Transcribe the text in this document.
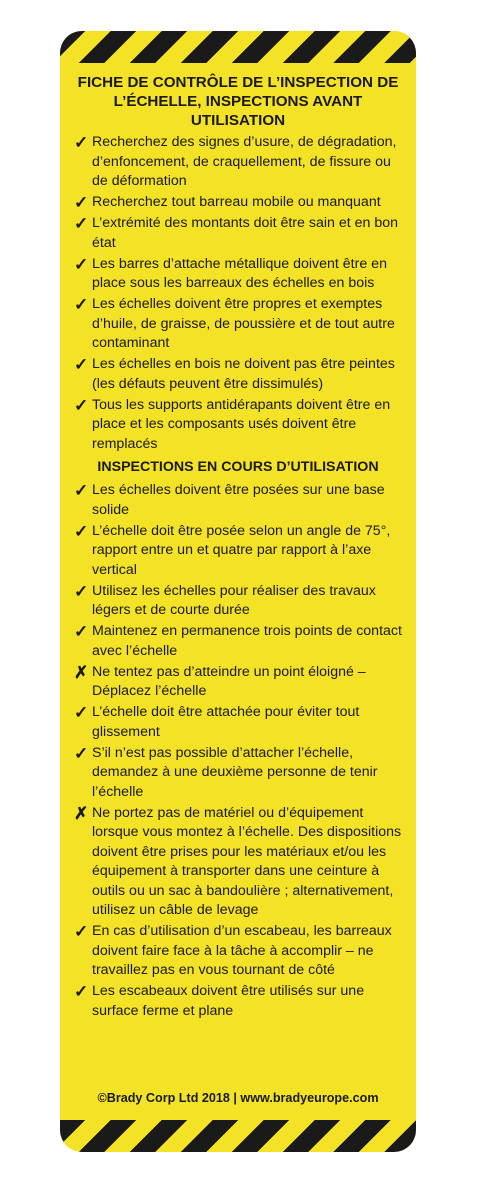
FICHE DE CONTRÔLE DE L’INSPECTION DE L’ÉCHELLE, INSPECTIONS AVANT UTILISATION
✓ Recherchez des signes d’usure, de dégradation, d’enfoncement, de craquellement, de fissure ou de déformation
✓ Recherchez tout barreau mobile ou manquant
✓ L’extrémité des montants doit être sain et en bon état
✓ Les barres d’attache métallique doivent être en place sous les barreaux des échelles en bois
✓ Les échelles doivent être propres et exemptes d’huile, de graisse, de poussière et de tout autre contaminant
✓ Les échelles en bois ne doivent pas être peintes (les défauts peuvent être dissimulés)
✓ Tous les supports antidérapants doivent être en place et les composants usés doivent être remplacés
INSPECTIONS EN COURS D’UTILISATION
✓ Les échelles doivent être posées sur une base solide
✓ L’échelle doit être posée selon un angle de 75°, rapport entre un et quatre par rapport à l’axe vertical
✓ Utilisez les échelles pour réaliser des travaux légers et de courte durée
✓ Maintenez en permanence trois points de contact avec l’échelle
✗ Ne tentez pas d’atteindre un point éloigné – Déplacez l’échelle
✓ L’échelle doit être attachée pour éviter tout glissement
✓ S’il n’est pas possible d’attacher l’échelle, demandez à une deuxième personne de tenir l’échelle
✗ Ne portez pas de matériel ou d’équipement lorsque vous montez à l’échelle. Des dispositions doivent être prises pour les matériaux et/ou les équipement à transporter dans une ceinture à outils ou un sac à bandoulière ; alternativement, utilisez un câble de levage
✓ En cas d’utilisation d’un escabeau, les barreaux doivent faire face à la tâche à accomplir – ne travaillez pas en vous tournant de côté
✓ Les escabeaux doivent être utilisés sur une surface ferme et plane
©Brady Corp Ltd 2018 | www.bradyeurope.com
